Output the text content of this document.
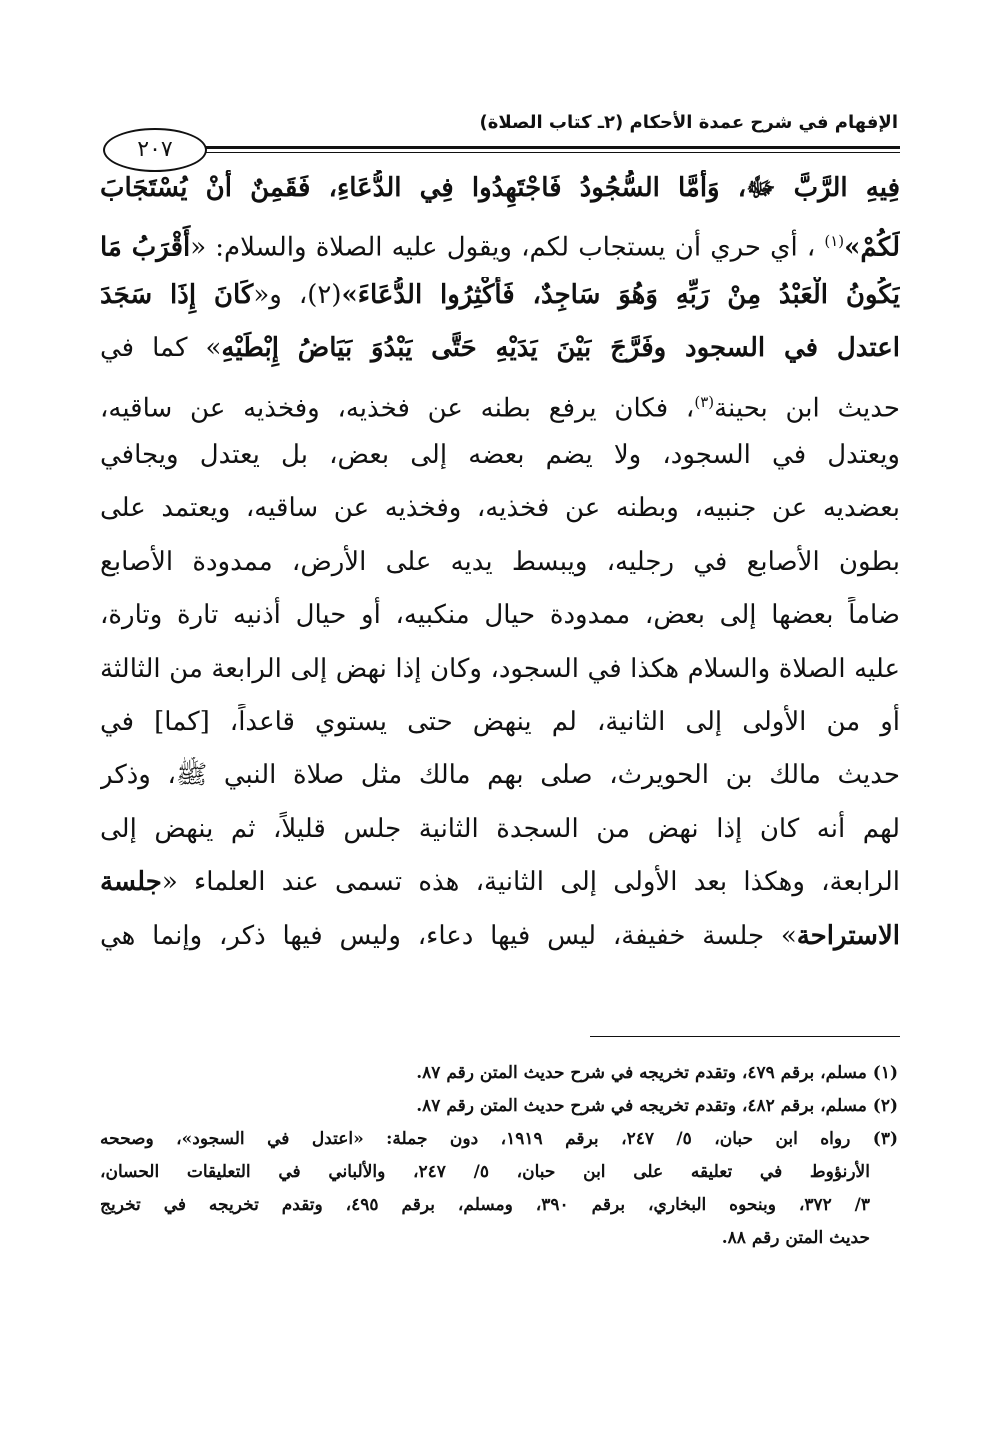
الإفهام في شرح عمدة الأحكام (٢ـ كتاب الصلاة)
٢٠٧
فِيهِ الرَّبَّ ﷻ، وَأَمَّا السُّجُودُ فَاجْتَهِدُوا فِي الدُّعَاءِ، فَقَمِنٌ أَنْ يُسْتَجَابَ
لَكُمْ»$^{(١)}$ ، أي حري أن يستجاب لكم، ويقول عليه الصلاة والسلام: «أَقْرَبُ مَا
يَكُونُ الْعَبْدُ مِنْ رَبِّهِ وَهُوَ سَاجِدٌ، فَأَكْثِرُوا الدُّعَاءَ»(٢)، و«كَانَ إِذَا سَجَدَ
اعتدل في السجود وفَرَّجَ بَيْنَ يَدَيْهِ حَتَّى يَبْدُوَ بَيَاضُ إِبْطَيْهِ» كما في
حديث ابن بحينة$^{(٣)}$، فكان يرفع بطنه عن فخذيه، وفخذيه عن ساقيه،
ويعتدل في السجود، ولا يضم بعضه إلى بعض، بل يعتدل ويجافي
بعضديه عن جنبيه، وبطنه عن فخذيه، وفخذيه عن ساقيه، ويعتمد على
بطون الأصابع في رجليه، ويبسط يديه على الأرض، ممدودة الأصابع
ضاماً بعضها إلى بعض، ممدودة حيال منكبيه، أو حيال أُذنيه تارة وتارة،
عليه الصلاة والسلام هكذا في السجود، وكان إذا نهض إلى الرابعة من الثالثة
أو من الأولى إلى الثانية، لم ينهض حتى يستوي قاعداً، [كما] في
حديث مالك بن الحويرث، صلى بهم مالك مثل صلاة النبي ﷺ، وذكر
لهم أنه كان إذا نهض من السجدة الثانية جلس قليلاً، ثم ينهض إلى
الرابعة، وهكذا بعد الأولى إلى الثانية، هذه تسمى عند العلماء «جلسة
الاستراحة» جلسة خفيفة، ليس فيها دعاء، وليس فيها ذكر، وإنما هي
(١) مسلم، برقم ٤٧٩، وتقدم تخريجه في شرح حديث المتن رقم ٨٧.
(٢) مسلم، برقم ٤٨٢، وتقدم تخريجه في شرح حديث المتن رقم ٨٧.
(٣) رواه ابن حبان، ٥/ ٢٤٧، برقم ١٩١٩، دون جملة: «اعتدل في السجود»، وصححه
الأرنؤوط في تعليقه على ابن حبان، ٥/ ٢٤٧، والألباني في التعليقات الحسان،
٣/ ٣٧٢، وبنحوه البخاري، برقم ٣٩٠، ومسلم، برقم ٤٩٥، وتقدم تخريجه في تخريج
حديث المتن رقم ٨٨.
